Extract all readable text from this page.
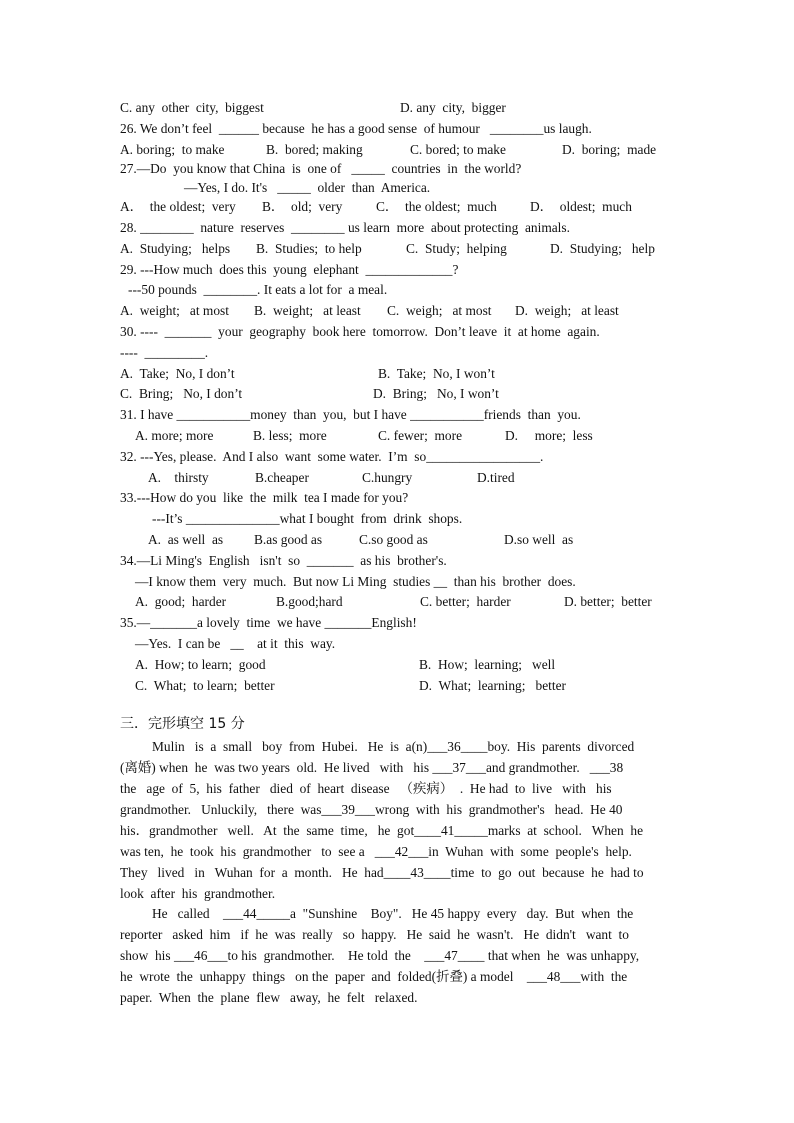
C. any  other  city,  biggest	D. any  city,  bigger
26. We don’t feel  ______ because  he has a good sense  of humour   ________us laugh.
A. boring;  to make	B.  bored; making	C. bored; to make	D.  boring;  made
27.—Do  you know that China  is  one of   _____  countries  in  the world?
—Yes, I do. It's   _____  older  than  America.
A．  the oldest;  very B．  old;  very	C．  the oldest;  much D．  oldest;  much
28. ________  nature  reserves  ________ us learn  more  about protecting  animals.
A.  Studying;   helps B.  Studies;  to help	C.  Study;  helping	D.  Studying;   help
29. ---How much  does this  young  elephant  _____________?
---50 pounds  ________. It eats a lot for  a meal.
A.  weight;   at most B.  weight;   at least C.  weigh;   at most D.  weigh;   at least
30. ----  _______  your  geography  book here  tomorrow.  Don’t leave  it  at home  again.
----  _________.
A.  Take;  No, I don’t	B.  Take;  No, I won’t
C.  Bring;   No, I don’t	D.  Bring;   No, I won’t
31. I have ___________money  than  you,  but I have ___________friends  than  you.
A. more; more	B. less;  more	C. fewer;  more	D.     more;  less
32. ---Yes, please.  And I also  want  some water.  I’m  so_________________.
A.    thirsty	B.cheaper	C.hungry	D.tired
33.---How do you  like  the  milk  tea I made for you?
---It’s ______________what I bought  from  drink  shops.
A.  as well  as B.as good as	C.so good as	D.so well  as
34.—Li Ming's  English   isn't  so  _______  as his  brother's.
—I know them  very  much.  But now Li Ming  studies __  than his  brother  does.
A.  good;  harder	B.good;hard	C. better;  harder	D. better;  better
35.—_______a lovely  time  we have _______English!
—Yes.  I can be   __    at it  this  way.
A.  How; to learn;  good	B.  How;  learning;   well
C.  What;  to learn;  better	D.  What;  learning;   better
三．完形填空 15 分
Mulin   is  a  small   boy  from  Hubei.   He  is  a(n)___36____boy.  His  parents  divorced
(离婚) when  he  was two years  old.  He lived   with   his ___37___and grandmother.   ___38
the   age  of  5,  his  father   died  of  heart  disease   （疾病）  .  He had  to  live   with   his
grandmother.   Unluckily,   there  was___39___wrong  with  his  grandmother's   head.  He 40
his．grandmother   well.   At  the  same  time,   he  got____41_____marks  at  school.   When  he
was ten,  he  took  his  grandmother   to  see a   ___42___in  Wuhan  with  some  people's  help.
They   lived   in   Wuhan  for  a  month.   He  had____43____time  to  go  out  because  he  had to
look  after  his  grandmother.
He   called    ___44_____a  "Sunshine    Boy".   He 45 happy  every   day.  But  when  the
reporter   asked  him   if  he  was  really   so  happy.   He  said  he  wasn't.   He  didn't   want  to
show  his ___46___to his  grandmother.    He told  the    ___47____ that when  he  was unhappy,
he  wrote  the  unhappy  things   on the  paper  and  folded(折叠) a model    ___48___with  the
paper.  When  the  plane  flew   away,  he  felt   relaxed.
